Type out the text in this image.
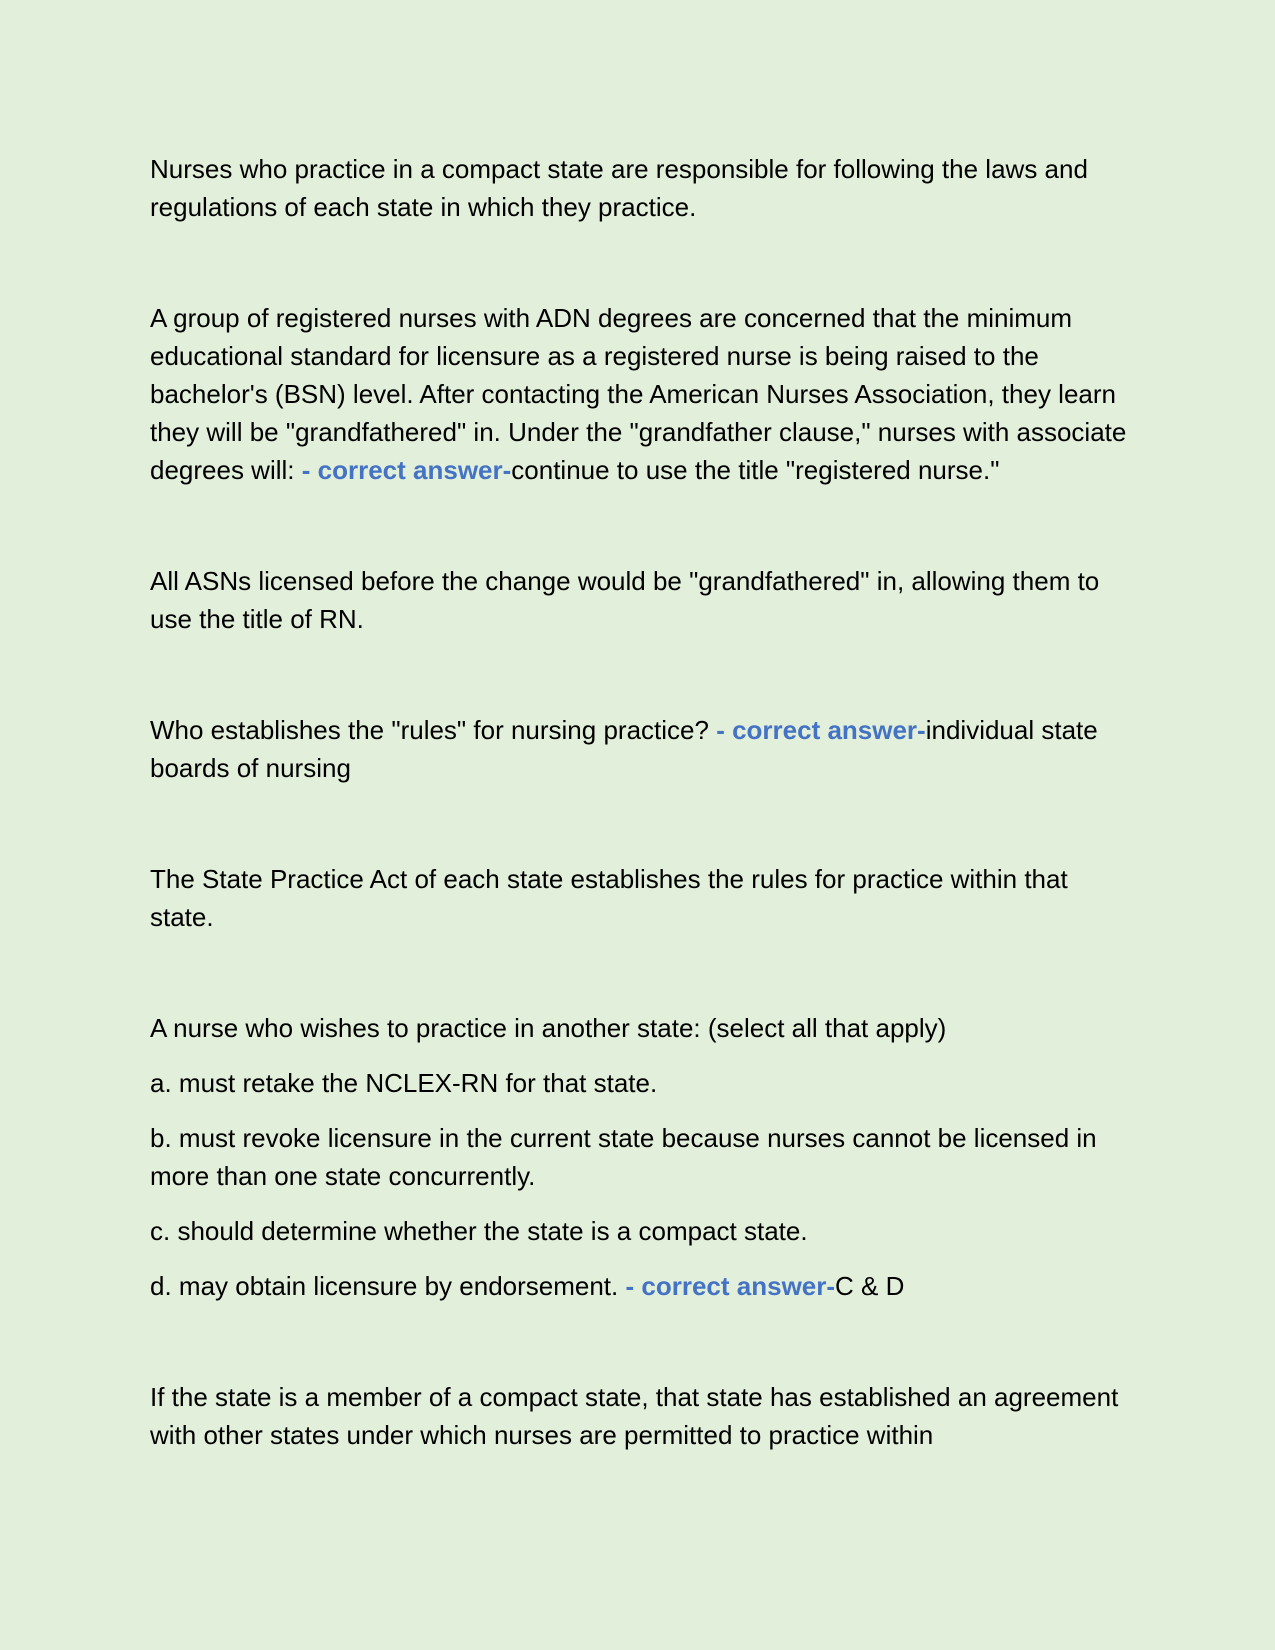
Nurses who practice in a compact state are responsible for following the laws and regulations of each state in which they practice.

A group of registered nurses with ADN degrees are concerned that the minimum educational standard for licensure as a registered nurse is being raised to the bachelor's (BSN) level. After contacting the American Nurses Association, they learn they will be "grandfathered" in. Under the "grandfather clause," nurses with associate degrees will: - correct answer-continue to use the title "registered nurse."

All ASNs licensed before the change would be "grandfathered" in, allowing them to use the title of RN.

Who establishes the "rules" for nursing practice? - correct answer-individual state boards of nursing

The State Practice Act of each state establishes the rules for practice within that state.

A nurse who wishes to practice in another state: (select all that apply)

a. must retake the NCLEX-RN for that state.

b. must revoke licensure in the current state because nurses cannot be licensed in more than one state concurrently.

c. should determine whether the state is a compact state.

d. may obtain licensure by endorsement. - correct answer-C & D

If the state is a member of a compact state, that state has established an agreement with other states under which nurses are permitted to practice within
